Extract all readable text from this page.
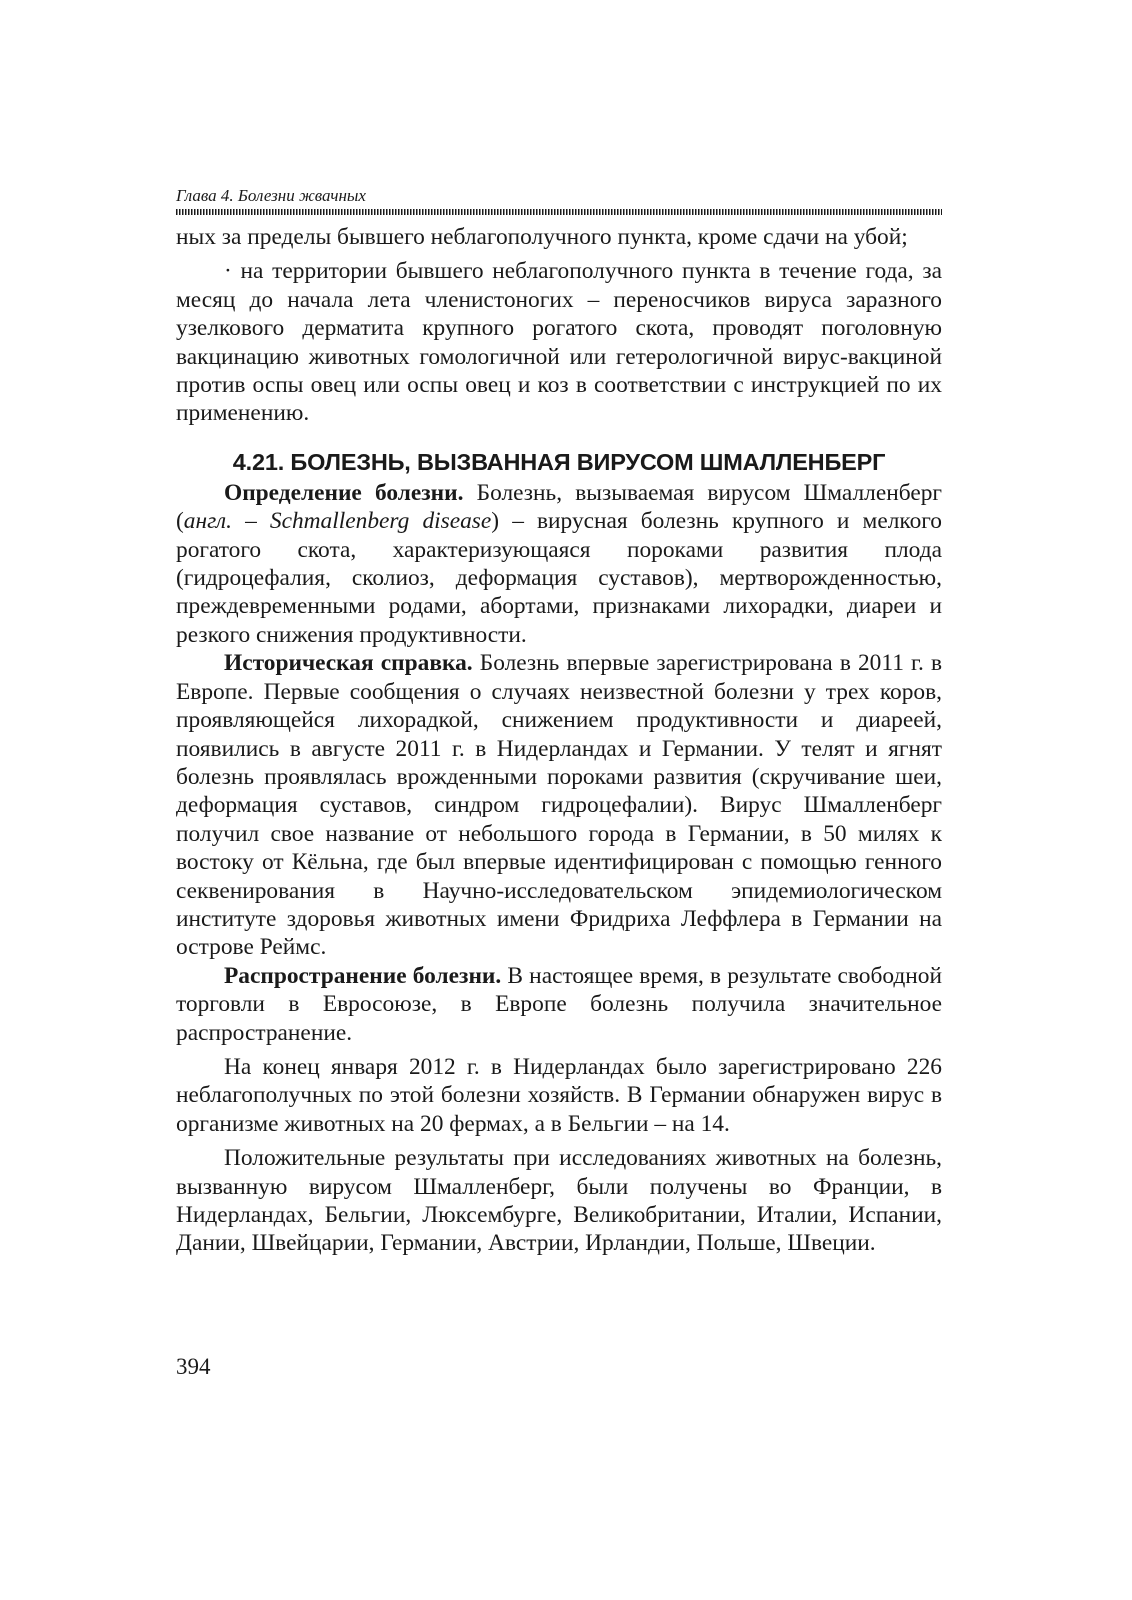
Глава 4. Болезни жвачных

ных за пределы бывшего неблагополучного пункта, кроме сдачи на убой;

· на территории бывшего неблагополучного пункта в течение года, за месяц до начала лета членистоногих – переносчиков вируса заразного узелкового дерматита крупного рогатого скота, проводят поголовную вакцинацию животных гомологичной или гетерологичной вирус-вакциной против оспы овец или оспы овец и коз в соответствии с инструкцией по их применению.

4.21. БОЛЕЗНЬ, ВЫЗВАННАЯ ВИРУСОМ ШМАЛЛЕНБЕРГ

Определение болезни. Болезнь, вызываемая вирусом Шмалленберг (англ. – Schmallenberg disease) – вирусная болезнь крупного и мелкого рогатого скота, характеризующаяся пороками развития плода (гидроцефалия, сколиоз, деформация суставов), мертворожденностью, преждевременными родами, абортами, признаками лихорадки, диареи и резкого снижения продуктивности.

Историческая справка. Болезнь впервые зарегистрирована в 2011 г. в Европе. Первые сообщения о случаях неизвестной болезни у трех коров, проявляющейся лихорадкой, снижением продуктивности и диареей, появились в августе 2011 г. в Нидерландах и Германии. У телят и ягнят болезнь проявлялась врожденными пороками развития (скручивание шеи, деформация суставов, синдром гидроцефалии). Вирус Шмалленберг получил свое название от небольшого города в Германии, в 50 милях к востоку от Кёльна, где был впервые идентифицирован с помощью генного секвенирования в Научно-исследовательском эпидемиологическом институте здоровья животных имени Фридриха Леффлера в Германии на острове Реймс.

Распространение болезни. В настоящее время, в результате свободной торговли в Евросоюзе, в Европе болезнь получила значительное распространение.

На конец января 2012 г. в Нидерландах было зарегистрировано 226 неблагополучных по этой болезни хозяйств. В Германии обнаружен вирус в организме животных на 20 фермах, а в Бельгии – на 14.

Положительные результаты при исследованиях животных на болезнь, вызванную вирусом Шмалленберг, были получены во Франции, в Нидерландах, Бельгии, Люксембурге, Великобритании, Италии, Испании, Дании, Швейцарии, Германии, Австрии, Ирландии, Польше, Швеции.

394
